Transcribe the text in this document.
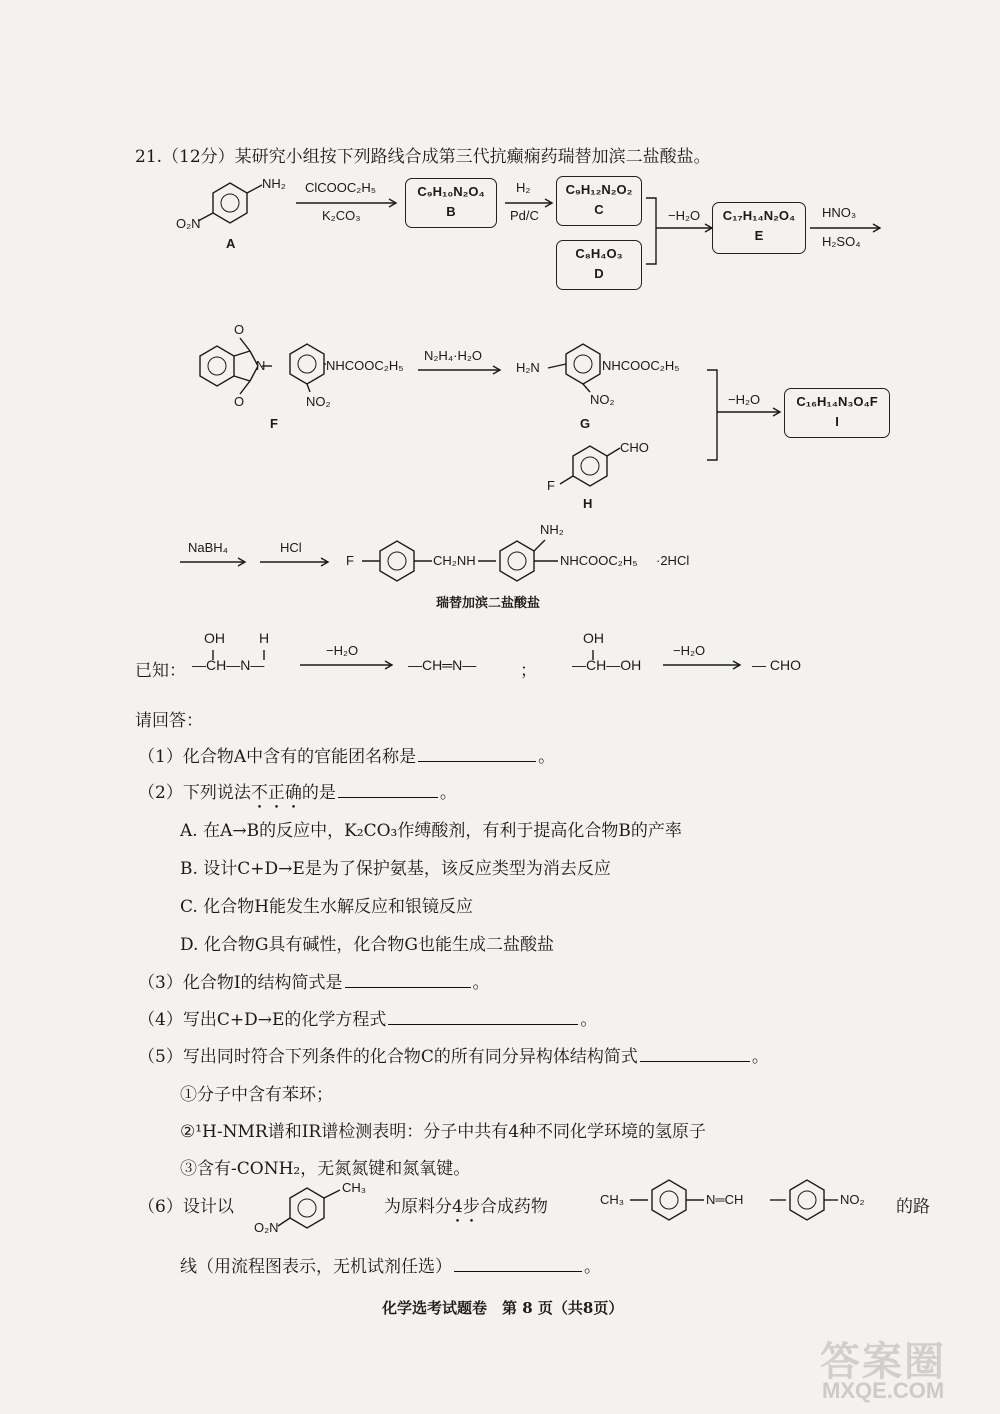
21.（12分）某研究小组按下列路线合成第三代抗癫痫药瑞替加滨二盐酸盐。
NH₂
O₂N
A
ClCOOC₂H₅
K₂CO₃
C₉H₁₀N₂O₄
B
H₂
Pd/C
C₉H₁₂N₂O₂
C
C₈H₄O₃
D
−H₂O	C₁₇H₁₄N₂O₄
E
HNO₃
H₂SO₄
O
O
N	NHCOOC₂H₅
NO₂
F
N₂H₄·H₂O
H₂N	NHCOOC₂H₅
NO₂
G
CHO
F
H
−H₂O	C₁₆H₁₄N₃O₄F
I
NaBH₄	HCl
F	CH₂NH
NH₂
NHCOOC₂H₅ ·2HCl
瑞替加滨二盐酸盐
已知：
OH H
—CH—N—
−H₂O
—CH═N—	；
OH
—CH—OH
−H₂O
— CHO
请回答：
（1）化合物A中含有的官能团名称是	。
（2）下列说法不正确的是	。
A. 在A→B的反应中，K₂CO₃作缚酸剂，有利于提高化合物B的产率
B. 设计C+D→E是为了保护氨基，该反应类型为消去反应
C. 化合物H能发生水解反应和银镜反应
D. 化合物G具有碱性，化合物G也能生成二盐酸盐
（3）化合物I的结构简式是	。
（4）写出C+D→E的化学方程式	。
（5）写出同时符合下列条件的化合物C的所有同分异构体结构简式	。
①分子中含有苯环；
②¹H-NMR谱和IR谱检测表明：分子中共有4种不同化学环境的氢原子
③含有-CONH₂，无氮氮键和氮氧键。
（6）设计以
CH₃
O₂N
为原料分4步合成药物	CH₃	N═CH	NO₂ 的路
线（用流程图表示，无机试剂任选）	。
化学选考试题卷　第 8 页（共8页）
答案圈
MXQE.COM
